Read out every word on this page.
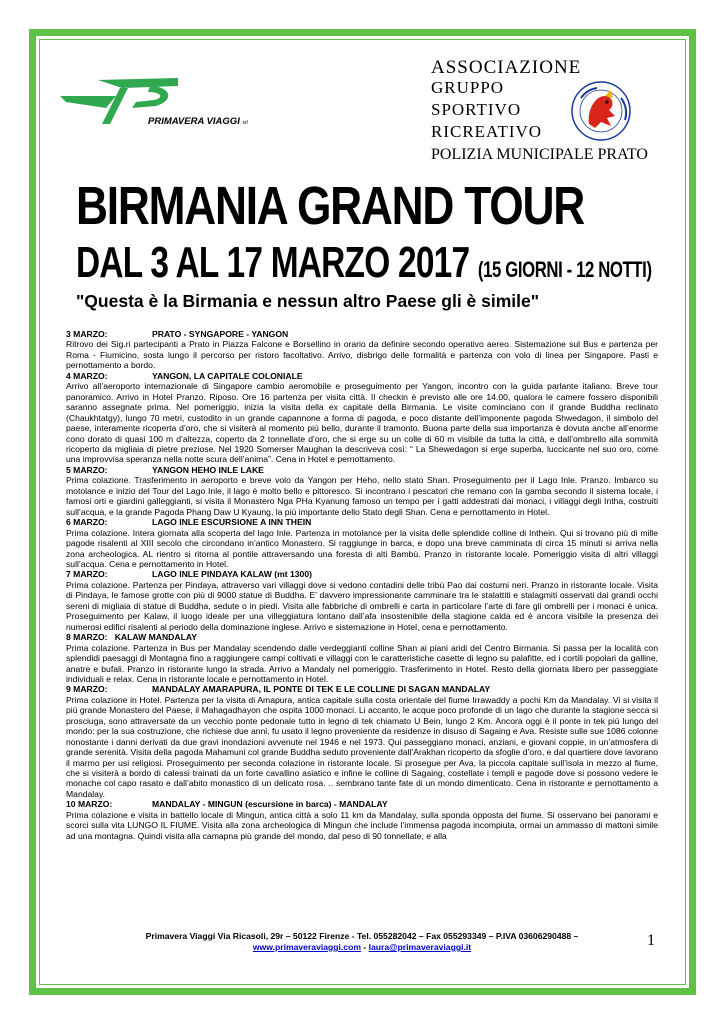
PRIMAVERA VIAGGI srl
ASSOCIAZIONE
GRUPPO
SPORTIVO
RICREATIVO
POLIZIA MUNICIPALE PRATO
BIRMANIA GRAND TOUR
DAL 3 AL 17 MARZO 2017 (15 GIORNI - 12 NOTTI)
"Questa è la Birmania e nessun altro Paese gli è simile"
3 MARZO:	PRATO - SYNGAPORE - YANGON

Ritrovo dei Sig.ri partecipanti a Prato in Piazza Falcone e Borsellino in orario da definire secondo operativo aereo. Sistemazione sul Bus e partenza per Roma - Fiumicino, sosta lungo il percorso per ristoro facoltativo. Arrivo, disbrigo delle formalità e partenza con volo di linea per Singapore. Pasti e pernottamento a bordo.

4 MARZO:	YANGON, LA CAPITALE COLONIALE

Arrivo all’aeroporto internazionale di Singapore cambio aeromobile e proseguimento per Yangon, incontro con la guida parlante italiano. Breve tour panoramico. Arrivo in Hotel Pranzo. Riposo. Ore 16 partenza per visita città. Il checkin è previsto alle ore 14.00, qualora le camere fossero disponibili saranno assegnate prima. Nel pomeriggio, inizia la visita della ex capitale della Birmania. Le visite cominciano con il grande Buddha reclinato (Chaukhtatgy), lungo 70 metri, custodito in un grande capannone a forma di pagoda, e poco distante dell’imponente pagoda Shwedagon, il simbolo del paese, interamente ricoperta d’oro, che si visiterà al momento più bello, durante il tramonto. Buona parte della sua importanza è dovuta anche all’enorme cono dorato di quasi 100 m d’altezza, coperto da 2 tonnellate d’oro, che si erge su un colle di 60 m visibile da tutta la città, e dall’ombrello alla sommità ricoperto da migliaia di pietre preziose. Nel 1920 Somerser Maughan la descriveva così: “ La Shewedagon si erge superba, luccicante nel suo oro, come una improvvisa speranza nella notte scura dell’anima”. Cena in Hotel e pernottamento.

5 MARZO:	YANGON HEHO INLE LAKE

Prima colazione. Trasferimento in aeroporto e breve volo da Yangon per Heho, nello stato Shan. Proseguimento per il Lago Inle. Pranzo. Imbarco su motolance e inizio del Tour del Lago Inle, il lago è molto bello e pittoresco. Si incontrano i pescatori che remano con la gamba secondo il sistema locale, i famosi orti e giardini galleggianti, si visita il Monastero Nga PHa Kyanung famoso un tempo per i gatti addestrati dai monaci, i villaggi degli Intha, costruiti sull’acqua, e la grande Pagoda Phang Daw U Kyaung, la più importante dello Stato degli Shan. Cena e pernottamento in Hotel.

6 MARZO:	LAGO INLE ESCURSIONE A INN THEIN

Prima colazione. Intera giornata alla scoperta del lago Inle. Partenza in motolance per la visita delle splendide colline di Inthein. Qui si trovano più di mille pagode risalenti al XIII secolo che circondano in’antico Monastero. Si raggiunge in barca, e dopo una breve camminata di circa 15 minuti si arriva nella zona archeologica. AL rientro si ritorna al pontile attraversando una foresta di alti Bambù. Pranzo in ristorante locale. Pomeriggio visita di altri villaggi sull’acqua. Cena e pernottamento in Hotel.

7 MARZO:	LAGO INLE PINDAYA KALAW (mt 1300)

Prima colazione. Partenza per Pindaya, attraverso vari villaggi dove si vedono contadini delle tribù Pao dai costumi neri. Pranzo in ristorante locale. Visita di Pindaya, le famose grotte con più di 9000 statue di Buddha. E’ davvero impressionante camminare tra le stalattiti e stalagmiti osservati dai grandi occhi sereni di migliaia di statue di Buddha, sedute o in piedi. Visita alle fabbriche di ombrelli e carta in particolare l’arte di fare gli ombrelli per i monaci è unica. Proseguimento per Kalaw, il luogo ideale per una villeggiatura lontano dall’afa insostenibile della stagione calda ed è ancora visibile la presenza dei numerosi edifici risalenti al periodo della dominazione inglese. Arrivo e sistemazione in Hotel, cena e pernottamento.

8 MARZO:
KALAW MANDALAY

Prima colazione. Partenza in Bus per Mandalay scendendo dalle verdeggianti colline Shan ai piani aridi del Centro Birmania. Si passa per la località con splendidi paesaggi di Montagna fino a raggiungere campi coltivati e villaggi con le caratteristiche casette di legno su palafitte, ed i cortili popolari da galline, anatre e bufali. Pranzo in ristorante lungo la strada. Arrivo a Mandaly nel pomeriggio. Trasferimento in Hotel. Resto della giornata libero per passeggiate individuali e relax. Cena in ristorante locale e pernottamento in Hotel.

9 MARZO:	MANDALAY AMARAPURA, IL PONTE DI TEK E LE COLLINE DI SAGAN MANDALAY

Prima colazione in Hotel. Partenza per la visita di Amapura, antica capitale sulla costa orientale del fiume Irrawaddy a pochi Km da Mandalay. Vi si visita il più grande Monastero del Paese, il Mahagadhayon che ospita 1000 monaci. Li accanto, le acque poco profonde di un lago che durante la stagione secca si prosciuga, sono attraversate da un vecchio ponte pedonale tutto in legno di tek chiamato U Bein, lungo 2 Km. Ancora oggi è il ponte in tek più lungo del mondo: per la sua costruzione, che richiese due anni, fu usato il legno proveniente da residenze in disuso di Sagaing e Ava. Resiste sulle sue 1086 colonne nonostante i danni derivati da due gravi inondazioni avvenute nel 1946 e nel 1973. Qui passeggiano monaci, anziani, e giovani coppie, in un’atmosfera di grande serenità. Visita della pagoda Mahamuni col grande Buddha seduto proveniente dall’Arakhan ricoperto da sfoglie d’oro, e dal quartiere dove lavorano il marmo per usi religiosi. Proseguimento per seconda colazione in ristorante locale. Si prosegue per Ava, la piccola capitale sull’isola in mezzo al fiume, che si visiterà a bordo di calessi trainati da un forte cavallino asiatico e infine le colline di Sagaing, costellate i templi e pagode dove si possono vedere le monache col capo rasato e dall’abito monastico di un delicato rosa. .. sembrano tante fate di un mondo dimenticato. Cena in ristorante e pernottamento a Mandalay.

10 MARZO:	MANDALAY - MINGUN (escursione in barca) - MANDALAY

Prima colazione e visita in battello locale di Mingun, antica città a solo 11 km da Mandalay, sulla sponda opposta del fiume. Si osservano bei panorami e scorci sulla vita LUNGO IL FIUME. Visita alla zona archeologica di Mingun che include l’immensa pagoda incompiuta, ormai un ammasso di mattoni simile ad una montagna. Quindi visita alla camapna più grande del mondo, dal peso di 90 tonnellate, e alla

Primavera Viaggi Via Ricasoli, 29r – 50122 Firenze - Tel. 055282042 – Fax 055293349 – P.IVA 03606290488 –
www.primaveraviaggi.com - laura@primaveraviaggi.it	1
